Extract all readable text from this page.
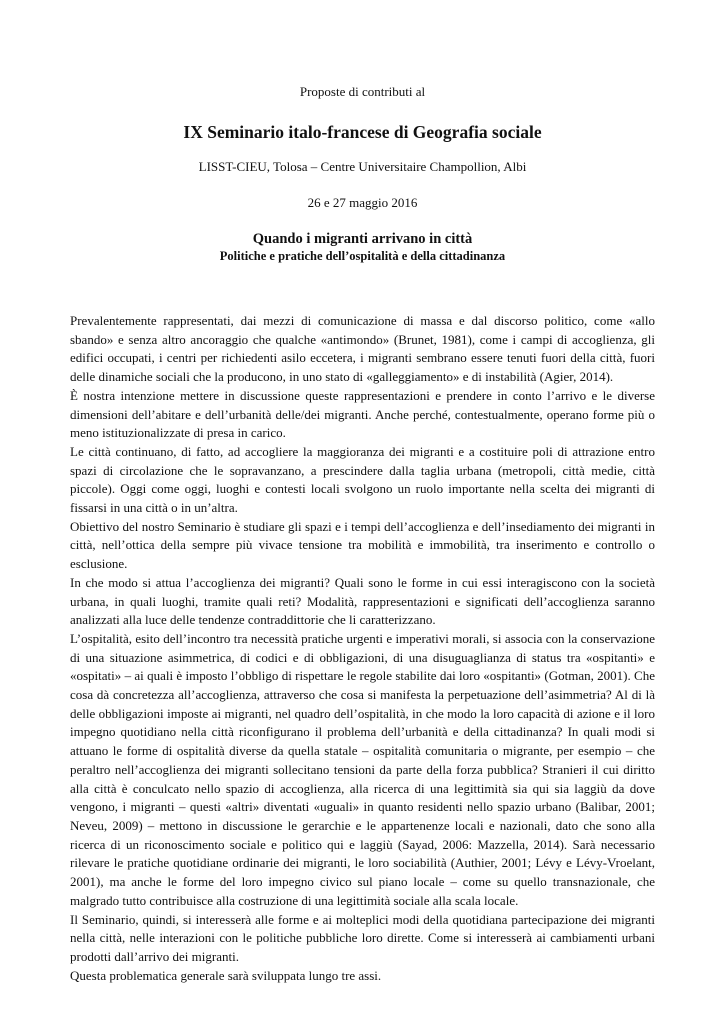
Proposte di contributi al
IX Seminario italo-francese di Geografia sociale
LISST-CIEU, Tolosa – Centre Universitaire Champollion, Albi
26 e 27 maggio 2016
Quando i migranti arrivano in città
Politiche e pratiche dell’ospitalità e della cittadinanza

Prevalentemente rappresentati, dai mezzi di comunicazione di massa e dal discorso politico, come «allo sbando» e senza altro ancoraggio che qualche «antimondo» (Brunet, 1981), come i campi di accoglienza, gli edifici occupati, i centri per richiedenti asilo eccetera, i migranti sembrano essere tenuti fuori della città, fuori delle dinamiche sociali che la producono, in uno stato di «galleggiamento» e di instabilità (Agier, 2014).

È nostra intenzione mettere in discussione queste rappresentazioni e prendere in conto l’arrivo e le diverse dimensioni dell’abitare e dell’urbanità delle/dei migranti. Anche perché, contestualmente, operano forme più o meno istituzionalizzate di presa in carico.

Le città continuano, di fatto, ad accogliere la maggioranza dei migranti e a costituire poli di attrazione entro spazi di circolazione che le sopravanzano, a prescindere dalla taglia urbana (metropoli, città medie, città piccole). Oggi come oggi, luoghi e contesti locali svolgono un ruolo importante nella scelta dei migranti di fissarsi in una città o in un’altra.

Obiettivo del nostro Seminario è studiare gli spazi e i tempi dell’accoglienza e dell’insediamento dei migranti in città, nell’ottica della sempre più vivace tensione tra mobilità e immobilità, tra inserimento e controllo o esclusione.

In che modo si attua l’accoglienza dei migranti? Quali sono le forme in cui essi interagiscono con la società urbana, in quali luoghi, tramite quali reti? Modalità, rappresentazioni e significati dell’accoglienza saranno analizzati alla luce delle tendenze contraddittorie che li caratterizzano.

L’ospitalità, esito dell’incontro tra necessità pratiche urgenti e imperativi morali, si associa con la conservazione di una situazione asimmetrica, di codici e di obbligazioni, di una disuguaglianza di status tra «ospitanti» e «ospitati» – ai quali è imposto l’obbligo di rispettare le regole stabilite dai loro «ospitanti» (Gotman, 2001). Che cosa dà concretezza all’accoglienza, attraverso che cosa si manifesta la perpetuazione dell’asimmetria? Al di là delle obbligazioni imposte ai migranti, nel quadro dell’ospitalità, in che modo la loro capacità di azione e il loro impegno quotidiano nella città riconfigurano il problema dell’urbanità e della cittadinanza? In quali modi si attuano le forme di ospitalità diverse da quella statale – ospitalità comunitaria o migrante, per esempio – che peraltro nell’accoglienza dei migranti sollecitano tensioni da parte della forza pubblica? Stranieri il cui diritto alla città è conculcato nello spazio di accoglienza, alla ricerca di una legittimità sia qui sia laggiù da dove vengono, i migranti – questi «altri» diventati «uguali» in quanto residenti nello spazio urbano (Balibar, 2001; Neveu, 2009) – mettono in discussione le gerarchie e le appartenenze locali e nazionali, dato che sono alla ricerca di un riconoscimento sociale e politico qui e laggiù (Sayad, 2006: Mazzella, 2014). Sarà necessario rilevare le pratiche quotidiane ordinarie dei migranti, le loro sociabilità (Authier, 2001; Lévy e Lévy-Vroelant, 2001), ma anche le forme del loro impegno civico sul piano locale – come su quello transnazionale, che malgrado tutto contribuisce alla costruzione di una legittimità sociale alla scala locale.

Il Seminario, quindi, si interesserà alle forme e ai molteplici modi della quotidiana partecipazione dei migranti nella città, nelle interazioni con le politiche pubbliche loro dirette. Come si interesserà ai cambiamenti urbani prodotti dall’arrivo dei migranti.

Questa problematica generale sarà sviluppata lungo tre assi.
